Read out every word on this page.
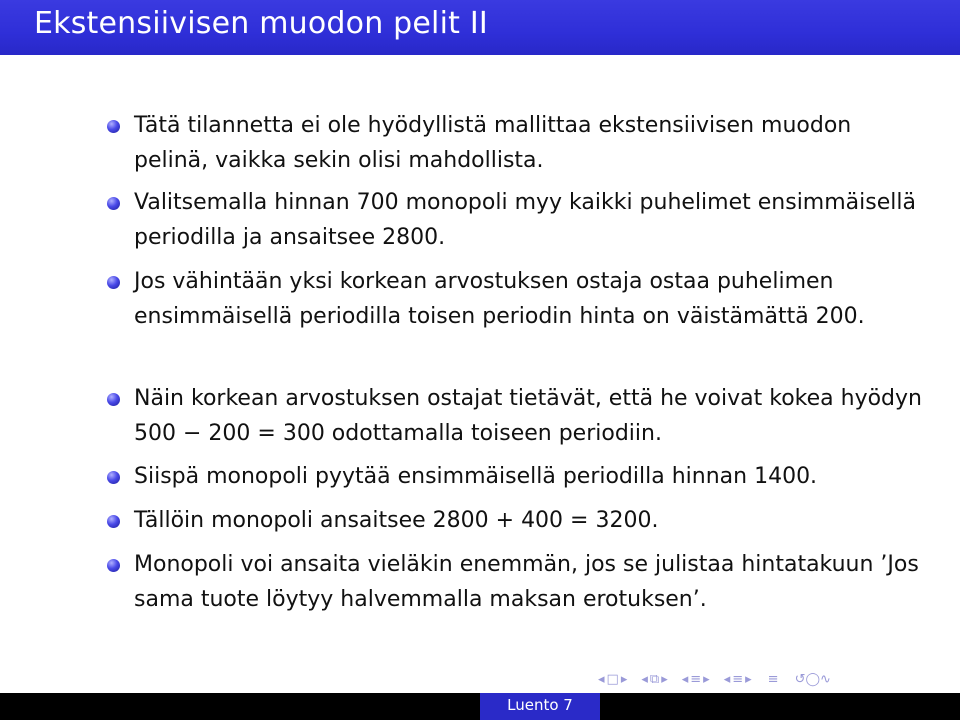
Ekstensiivisen muodon pelit II
Tätä tilannetta ei ole hyödyllistä mallittaa ekstensiivisen muodon pelinä, vaikka sekin olisi mahdollista.
Valitsemalla hinnan 700 monopoli myy kaikki puhelimet ensimmäisellä periodilla ja ansaitsee 2800.
Jos vähintään yksi korkean arvostuksen ostaja ostaa puhelimen ensimmäisellä periodilla toisen periodin hinta on väistämättä 200.
Näin korkean arvostuksen ostajat tietävät, että he voivat kokea hyödyn 500 − 200 = 300 odottamalla toiseen periodiin.
Siispä monopoli pyytää ensimmäisellä periodilla hinnan 1400.
Tällöin monopoli ansaitsee 2800 + 400 = 3200.
Monopoli voi ansaita vieläkin enemmän, jos se julistaa hintatakuun ’Jos sama tuote löytyy halvemmalla maksan erotuksen’.
◂ □ ▸ ◂ ⧉ ▸ ◂ ≡ ▸ ◂ ≡ ▸ ≡ ↺◯∿
Luento 7
